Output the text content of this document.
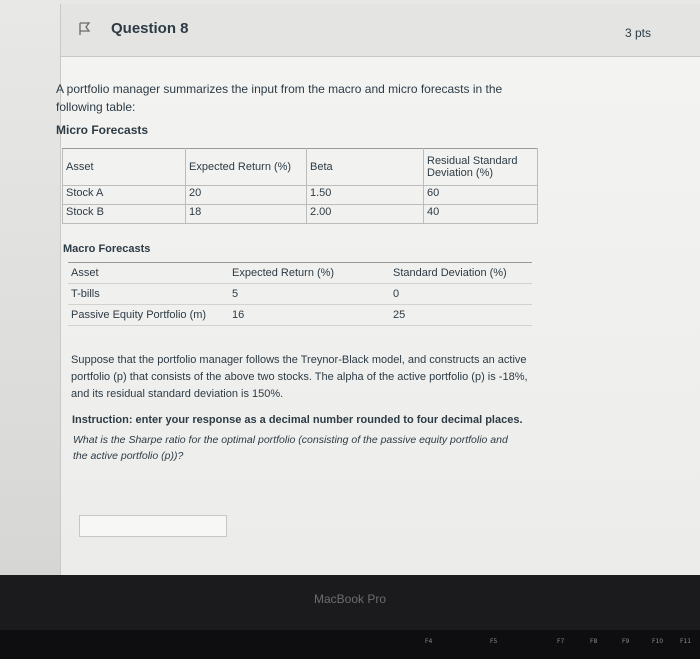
Question 8	3 pts
A portfolio manager summarizes the input from the macro and micro forecasts in the following table:
Micro Forecasts
Asset	Expected Return (%)	Beta	Residual Standard Deviation (%)
Stock A	20	1.50	60
Stock B	18	2.00	40
Macro Forecasts
Asset	Expected Return (%)	Standard Deviation (%)
T-bills	5	0
Passive Equity Portfolio (m)	16	25
Suppose that the portfolio manager follows the Treynor-Black model, and constructs an active portfolio (p) that consists of the above two stocks. The alpha of the active portfolio (p) is -18%, and its residual standard deviation is 150%.
Instruction: enter your response as a decimal number rounded to four decimal places.
What is the Sharpe ratio for the optimal portfolio (consisting of the passive equity portfolio and the active portfolio (p))?
MacBook Pro
F4	F5	F7	F8	F9	F10	F11
